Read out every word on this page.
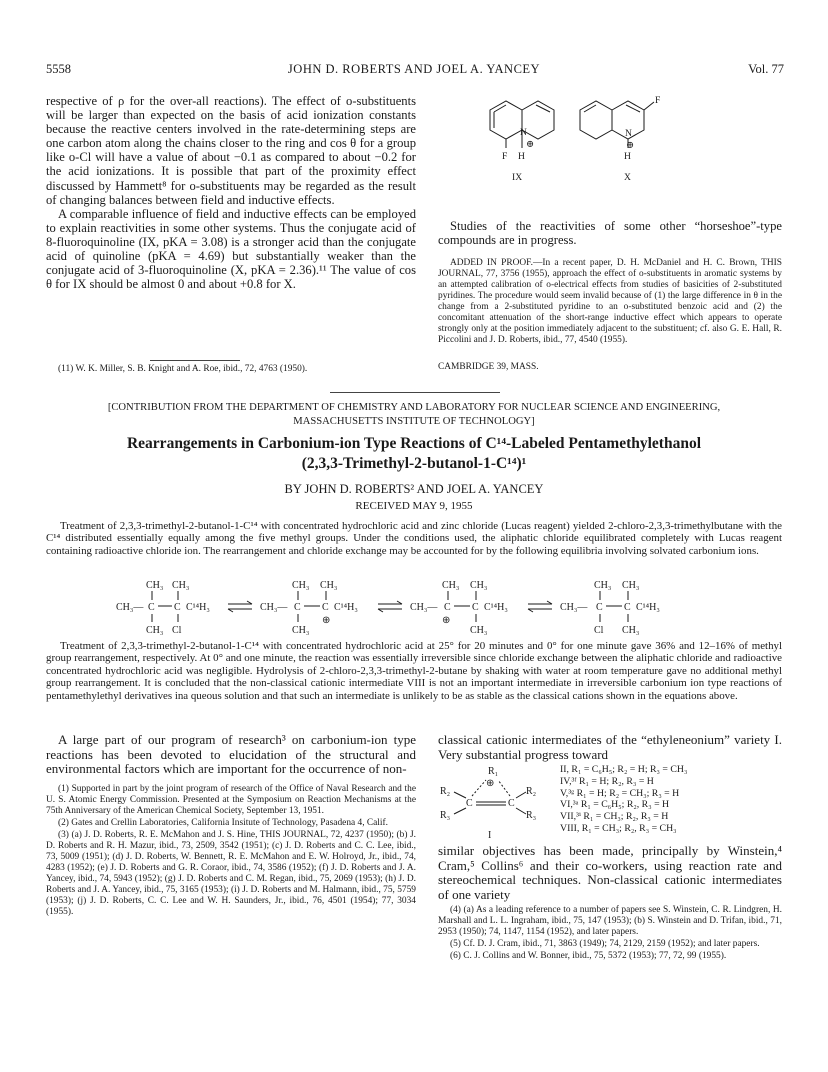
5558	JOHN D. ROBERTS AND JOEL A. YANCEY	Vol. 77

respective of ρ for the over-all reactions). The effect of o-substituents will be larger than expected on the basis of acid ionization constants because the reactive centers involved in the rate-determining steps are one carbon atom along the chains closer to the ring and cos θ for a group like o-Cl will have a value of about −0.1 as compared to about −0.2 for the acid ionizations. It is possible that part of the proximity effect discussed by Hammett⁸ for o-substituents may be regarded as the result of changing balances between field and inductive effects.

A comparable influence of field and inductive effects can be employed to explain reactivities in some other systems. Thus the conjugate acid of 8-fluoroquinoline (IX, pKA = 3.08) is a stronger acid than the conjugate acid of quinoline (pKA = 4.69) but substantially weaker than the conjugate acid of 3-fluoroquinoline (X, pKA = 2.36).¹¹ The value of cos θ for IX should be almost 0 and about +0.8 for X.

(11) W. K. Miller, S. B. Knight and A. Roe, ibid., 72, 4763 (1950).
N
⊕
F H
IX
F
N
⊕
H
X
Studies of the reactivities of some other “horseshoe”-type compounds are in progress.
ADDED IN PROOF.—In a recent paper, D. H. McDaniel and H. C. Brown, THIS JOURNAL, 77, 3756 (1955), approach the effect of o-substituents in aromatic systems by an attempted calibration of o-electrical effects from studies of basicities of 2-substituted pyridines. The procedure would seem invalid because of (1) the large difference in θ in the change from a 2-substituted pyridine to an o-substituted benzoic acid and (2) the concomitant attenuation of the short-range inductive effect which appears to operate strongly only at the position immediately adjacent to the substituent; cf. also G. E. Hall, R. Piccolini and J. D. Roberts, ibid., 77, 4540 (1955).
CAMBRIDGE 39, MASS.
[CONTRIBUTION FROM THE DEPARTMENT OF CHEMISTRY AND LABORATORY FOR NUCLEAR SCIENCE AND ENGINEERING,
MASSACHUSETTS INSTITUTE OF TECHNOLOGY]
Rearrangements in Carbonium-ion Type Reactions of C¹⁴-Labeled Pentamethylethanol
(2,3,3-Trimethyl-2-butanol-1-C¹⁴)¹
BY JOHN D. ROBERTS² AND JOEL A. YANCEY
RECEIVED MAY 9, 1955

Treatment of 2,3,3-trimethyl-2-butanol-1-C¹⁴ with concentrated hydrochloric acid and zinc chloride (Lucas reagent) yielded 2-chloro-2,3,3-trimethylbutane with the C¹⁴ distributed essentially equally among the five methyl groups. Under the conditions used, the aliphatic chloride equilibrated completely with Lucas reagent containing radioactive chloride ion. The rearrangement and chloride exchange may be accounted for by the following equilibria involving solvated carbonium ions.

CH₃ CH₃
CH₃— C C C¹⁴H₃
CH₃ Cl
CH₃ CH₃
CH₃— C C C¹⁴H₃
⊕
CH₃
CH₃ CH₃
CH₃— C C C¹⁴H₃
⊕
CH₃
CH₃ CH₃
CH₃— C C C¹⁴H₃
Cl CH₃

Treatment of 2,3,3-trimethyl-2-butanol-1-C¹⁴ with concentrated hydrochloric acid at 25° for 20 minutes and 0° for one minute gave 36% and 12–16% of methyl group rearrangement, respectively. At 0° and one minute, the reaction was essentially irreversible since chloride exchange between the aliphatic chloride and radioactive concentrated hydrochloric acid was negligible. Hydrolysis of 2-chloro-2,3,3-trimethyl-2-butane by shaking with water at room temperature gave no additional methyl group rearrangement. It is concluded that the non-classical cationic intermediate VIII is not an important intermediate in irreversible carbonium ion type reactions of pentamethylethyl derivatives ina queous solution and that such an intermediate is unlikely to be as stable as the classical cations shown in the equations above.

A large part of our program of research³ on carbonium-ion type reactions has been devoted to elucidation of the structural and environmental factors which are important for the occurrence of non-

(1) Supported in part by the joint program of research of the Office of Naval Research and the U. S. Atomic Energy Commission. Presented at the Symposium on Reaction Mechanisms at the 75th Anniversary of the American Chemical Society, September 13, 1951.

(2) Gates and Crellin Laboratories, California Insitute of Technology, Pasadena 4, Calif.

(3) (a) J. D. Roberts, R. E. McMahon and J. S. Hine, THIS JOURNAL, 72, 4237 (1950); (b) J. D. Roberts and R. H. Mazur, ibid., 73, 2509, 3542 (1951); (c) J. D. Roberts and C. C. Lee, ibid., 73, 5009 (1951); (d) J. D. Roberts, W. Bennett, R. E. McMahon and E. W. Holroyd, Jr., ibid., 74, 4283 (1952); (e) J. D. Roberts and G. R. Coraor, ibid., 74, 3586 (1952); (f) J. D. Roberts and J. A. Yancey, ibid., 74, 5943 (1952); (g) J. D. Roberts and C. M. Regan, ibid., 75, 2069 (1953); (h) J. D. Roberts and J. A. Yancey, ibid., 75, 3165 (1953); (i) J. D. Roberts and M. Halmann, ibid., 75, 5759 (1953); (j) J. D. Roberts, C. C. Lee and W. H. Saunders, Jr., ibid., 76, 4501 (1954); 77, 3034 (1955).

classical cationic intermediates of the “ethyleneonium” variety I. Very substantial progress toward
R₁
⊕
R₂	R₂
C	C
R₃	R₃
I
II, R₁ = C₆H₅; R₂ = H; R₃ = CH₃
IV,³ᶠ R₁ = H; R₂, R₃ = H
V,³ᵍ R₁ = H; R₂ = CH₃; R₃ = H
VI,³ᵃ R₁ = C₆H₅; R₂, R₃ = H
VII,³ⁱ R₁ = CH₃; R₂, R₃ = H
VIII, R₁ = CH₃; R₂, R₃ = CH₃
similar objectives has been made, principally by Winstein,⁴ Cram,⁵ Collins⁶ and their co-workers, using reaction rate and stereochemical techniques. Non-classical cationic intermediates of one variety

(4) (a) As a leading reference to a number of papers see S. Winstein, C. R. Lindgren, H. Marshall and L. L. Ingraham, ibid., 75, 147 (1953); (b) S. Winstein and D. Trifan, ibid., 71, 2953 (1950); 74, 1147, 1154 (1952), and later papers.

(5) Cf. D. J. Cram, ibid., 71, 3863 (1949); 74, 2129, 2159 (1952); and later papers.

(6) C. J. Collins and W. Bonner, ibid., 75, 5372 (1953); 77, 72, 99 (1955).
